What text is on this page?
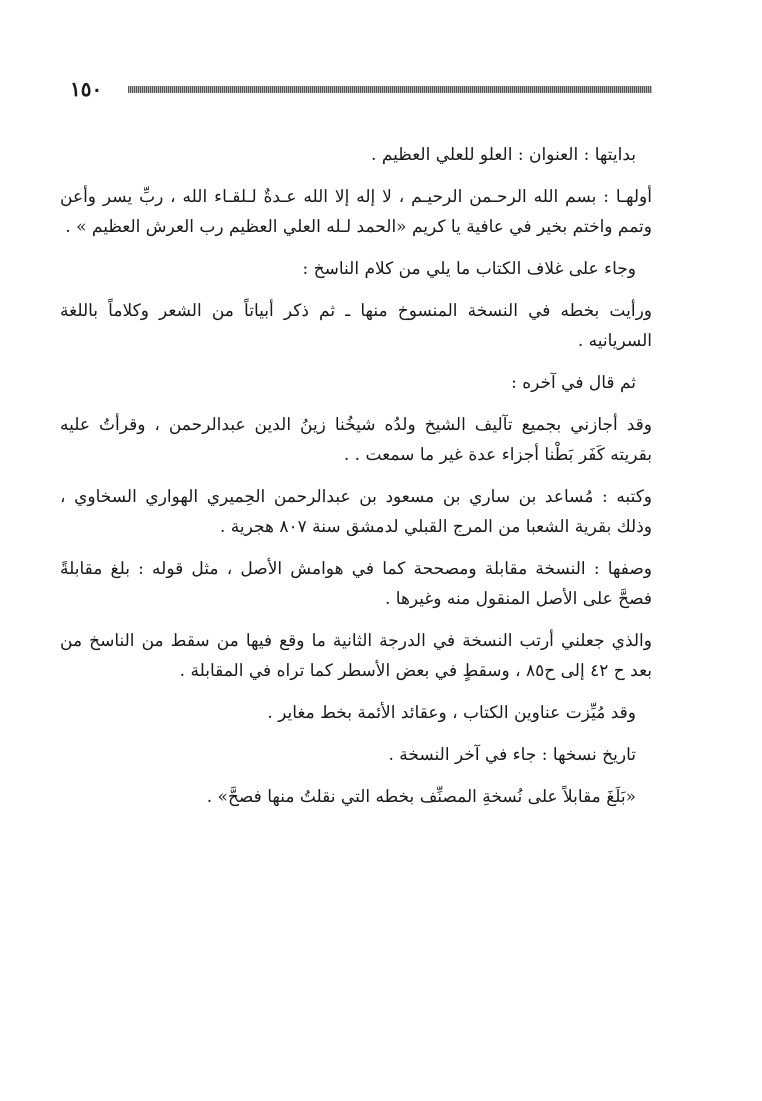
١٥٠

بدايتها : العنوان : العلو للعلي العظيم .

أولهـا : بسم الله الرحـمن الرحيـم ، لا إله إلا الله عـدةٌ لـلقـاء الله ، ربِّ يسر وأعن وتمم واختم بخير في عافية يا كريم «الحمد لـله العلي العظيم رب العرش العظيم » .

وجاء على غلاف الكتاب ما يلي من كلام الناسخ :

ورأيت بخطه في النسخة المنسوخ منها ـ ثم ذكر أبياتاً من الشعر وكلاماً باللغة السريانيه .

ثم قال في آخره :

وقد أجازني بجميع تآليف الشيخ ولدُه شيخُنا زينُ الدين عبدالرحمن ، وقرأتُ عليه بقريته كَفَر بَطْنا أجزاء عدة غير ما سمعت . .

وكتبه : مُساعد بن ساري بن مسعود بن عبدالرحمن الحِميري الهواري السخاوي ، وذلك بقرية الشعبا من المرج القبلي لدمشق سنة ٨٠٧ هجرية .

وصفها : النسخة مقابلة ومصححة كما في هوامش الأصل ، مثل قوله : بلغ مقابلةً فصحَّ على الأصل المنقول منه وغيرها .

والذي جعلني أرتب النسخة في الدرجة الثانية ما وقع فيها من سقط من الناسخ من بعد ح ٤٢ إلى ح٨٥ ، وسقطٍ في بعض الأسطر كما تراه في المقابلة .

وقد مُيِّزت عناوين الكتاب ، وعقائد الأئمة بخط مغاير .

تاريخ نسخها : جاء في آخر النسخة .

«بَلَغَ مقابلاً على نُسخةِ المصنِّف بخطه التي نقلتُ منها فصحَّ» .
